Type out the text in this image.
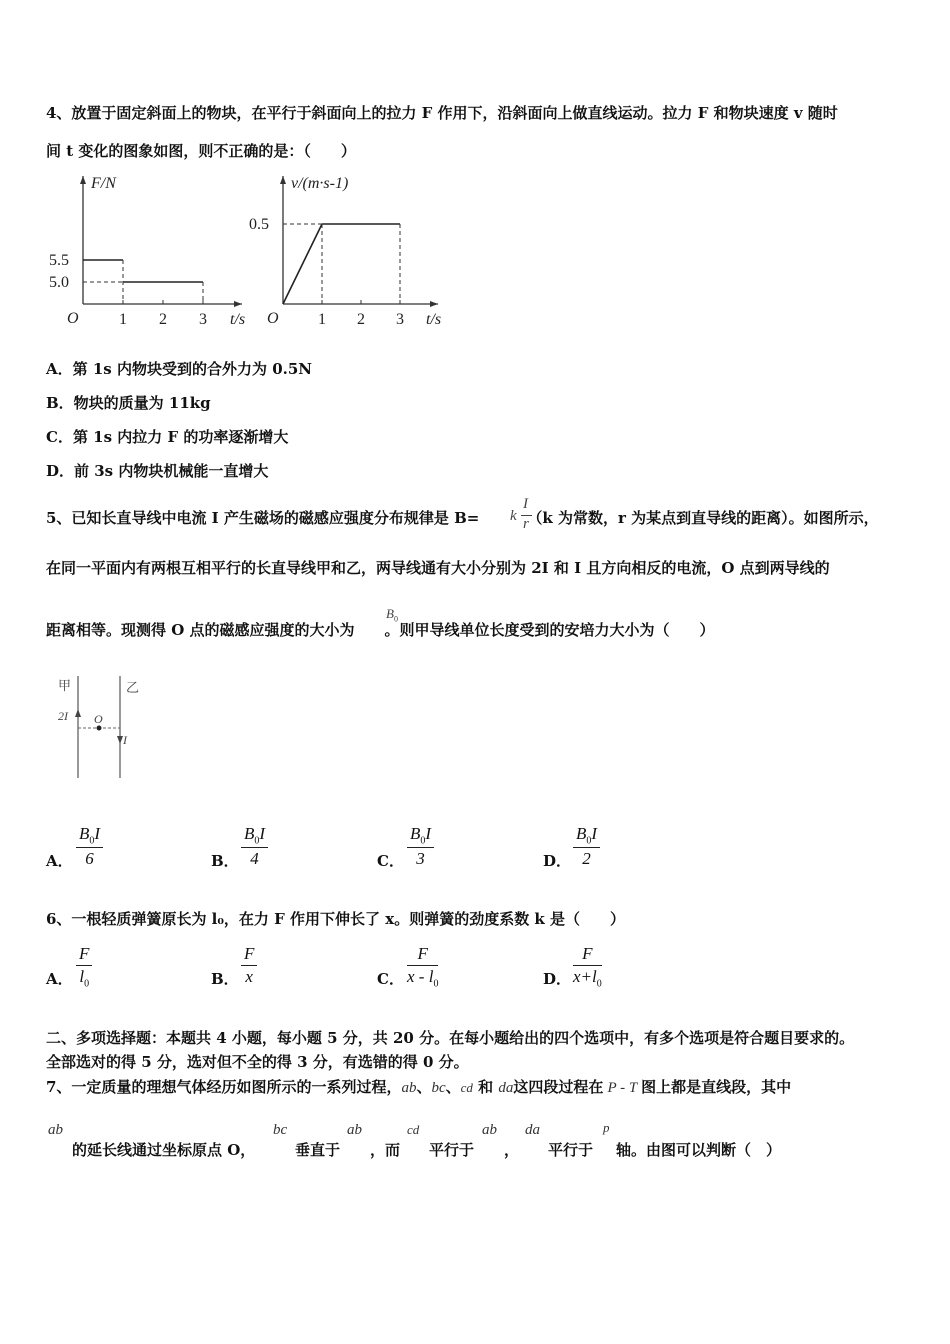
4、放置于固定斜面上的物块，在平行于斜面向上的拉力 F 作用下，沿斜面向上做直线运动。拉力 F 和物块速度 v 随时
间 t 变化的图象如图，则不正确的是：（　　）
F/N
t/s
O	1 2 3
5.5
5.0
v/(m·s-1)
t/s
O 1 2 3
0.5
A．第 1s 内物块受到的合外力为 0.5N
B．物块的质量为 11kg
C．第 1s 内拉力 F 的功率逐渐增大
D．前 3s 内物块机械能一直增大
5、已知长直导线中电流 I 产生磁场的磁感应强度分布规律是 B=	（k 为常数，r 为某点到直导线的距离）。如图所示，
k
I
r
在同一平面内有两根互相平行的长直导线甲和乙，两导线通有大小分别为 2I 和 I 且方向相反的电流，O 点到两导线的
距离相等。现测得 O 点的磁感应强度的大小为 。则甲导线单位长度受到的安培力大小为（　　）
$B_0$
甲	乙
2I O
I
A． $\frac{B_0I}{6}$	B． $\frac{B_0I}{4}$	C． $\frac{B_0I}{3}$	D． $\frac{B_0I}{2}$
6、一根轻质弹簧原长为 l₀，在力 F 作用下伸长了 x。则弹簧的劲度系数 k 是（　　）
A． $\frac{F}{l_0}$	B． $\frac{F}{x}$	C． $\frac{F}{x - l_0}$	D． $\frac{F}{x+l_0}$
二、多项选择题：本题共 4 小题，每小题 5 分，共 20 分。在每小题给出的四个选项中，有多个选项是符合题目要求的。
全部选对的得 5 分，选对但不全的得 3 分，有选错的得 0 分。
7、一定质量的理想气体经历如图所示的一系列过程，ab、bc、cd 和 da这四段过程在 P - T 图上都是直线段，其中
ab
的延长线通过坐标原点 O，
bc
垂直于
ab
，而
cd
平行于
ab
，
da
平行于
p
轴。由图可以判断（　）
